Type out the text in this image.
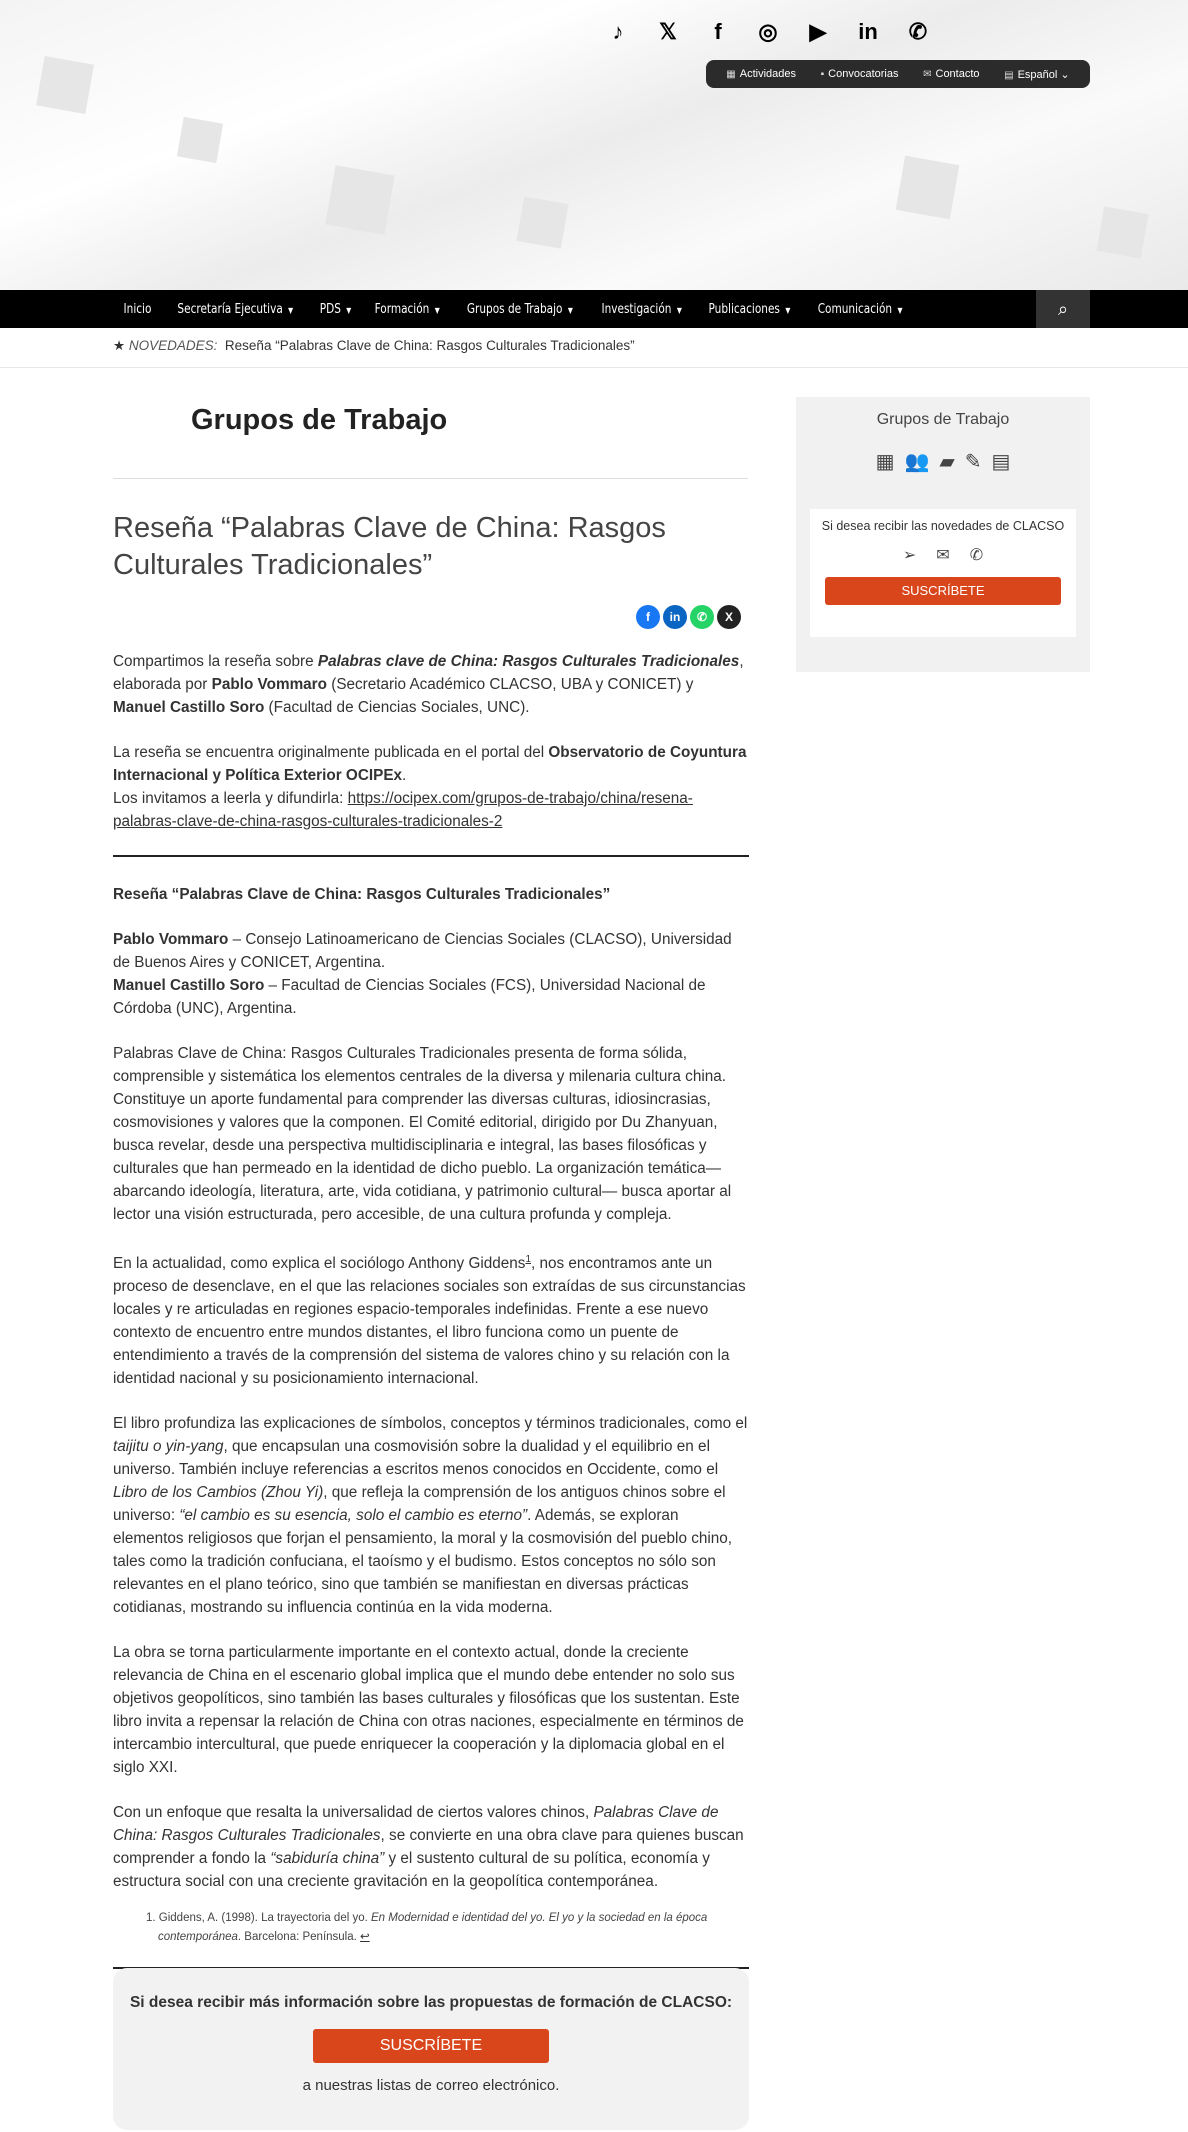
♪	𝕏	f	◎ ▶ in ✆
▦ Actividades ▪ Convocatorias ✉ Contacto ▤ Español ⌄
Inicio	Secretaría Ejecutiva ▼	PDS ▼	Formación ▼	Grupos de Trabajo ▼	Investigación ▼	Publicaciones ▼	Comunicación ▼	⌕
★ NOVEDADES: Reseña “Palabras Clave de China: Rasgos Culturales Tradicionales”
Grupos de Trabajo
Reseña “Palabras Clave de China: Rasgos Culturales Tradicionales”
f	in	✆	X

Compartimos la reseña sobre Palabras clave de China: Rasgos Culturales Tradicionales, elaborada por Pablo Vommaro (Secretario Académico CLACSO, UBA y CONICET) y Manuel Castillo Soro (Facultad de Ciencias Sociales, UNC).

La reseña se encuentra originalmente publicada en el portal del Observatorio de Coyuntura Internacional y Política Exterior OCIPEx.
Los invitamos a leerla y difundirla: https://ocipex.com/grupos-de-trabajo/china/resena-palabras-clave-de-china-rasgos-culturales-tradicionales-2

Reseña “Palabras Clave de China: Rasgos Culturales Tradicionales”

Pablo Vommaro – Consejo Latinoamericano de Ciencias Sociales (CLACSO), Universidad de Buenos Aires y CONICET, Argentina.
Manuel Castillo Soro – Facultad de Ciencias Sociales (FCS), Universidad Nacional de Córdoba (UNC), Argentina.

Palabras Clave de China: Rasgos Culturales Tradicionales presenta de forma sólida, comprensible y sistemática los elementos centrales de la diversa y milenaria cultura china. Constituye un aporte fundamental para comprender las diversas culturas, idiosincrasias, cosmovisiones y valores que la componen. El Comité editorial, dirigido por Du Zhanyuan, busca revelar, desde una perspectiva multidisciplinaria e integral, las bases filosóficas y culturales que han permeado en la identidad de dicho pueblo. La organización temática—abarcando ideología, literatura, arte, vida cotidiana, y patrimonio cultural— busca aportar al lector una visión estructurada, pero accesible, de una cultura profunda y compleja.

En la actualidad, como explica el sociólogo Anthony Giddens$^1$, nos encontramos ante un proceso de desenclave, en el que las relaciones sociales son extraídas de sus circunstancias locales y re articuladas en regiones espacio-temporales indefinidas. Frente a ese nuevo contexto de encuentro entre mundos distantes, el libro funciona como un puente de entendimiento a través de la comprensión del sistema de valores chino y su relación con la identidad nacional y su posicionamiento internacional.

El libro profundiza las explicaciones de símbolos, conceptos y términos tradicionales, como el taijitu o yin-yang, que encapsulan una cosmovisión sobre la dualidad y el equilibrio en el universo. También incluye referencias a escritos menos conocidos en Occidente, como el Libro de los Cambios (Zhou Yi), que refleja la comprensión de los antiguos chinos sobre el universo: “el cambio es su esencia, solo el cambio es eterno”. Además, se exploran elementos religiosos que forjan el pensamiento, la moral y la cosmovisión del pueblo chino, tales como la tradición confuciana, el taoísmo y el budismo. Estos conceptos no sólo son relevantes en el plano teórico, sino que también se manifiestan en diversas prácticas cotidianas, mostrando su influencia continúa en la vida moderna.

La obra se torna particularmente importante en el contexto actual, donde la creciente relevancia de China en el escenario global implica que el mundo debe entender no solo sus objetivos geopolíticos, sino también las bases culturales y filosóficas que los sustentan. Este libro invita a repensar la relación de China con otras naciones, especialmente en términos de intercambio intercultural, que puede enriquecer la cooperación y la diplomacia global en el siglo XXI.

Con un enfoque que resalta la universalidad de ciertos valores chinos, Palabras Clave de China: Rasgos Culturales Tradicionales, se convierte en una obra clave para quienes buscan comprender a fondo la “sabiduría china” y el sustento cultural de su política, economía y estructura social con una creciente gravitación en la geopolítica contemporánea.

1. Giddens, A. (1998). La trayectoria del yo. En Modernidad e identidad del yo. El yo y la sociedad en la época contemporánea. Barcelona: Península. ↩
Si desea recibir más información sobre las propuestas de formación de CLACSO:
SUSCRÍBETE
a nuestras listas de correo electrónico.
Grupos de Trabajo
▦ 👥 ▰ ✎ ▤
Si desea recibir las novedades de CLACSO
➢ ✉ ✆
SUSCRÍBETE
